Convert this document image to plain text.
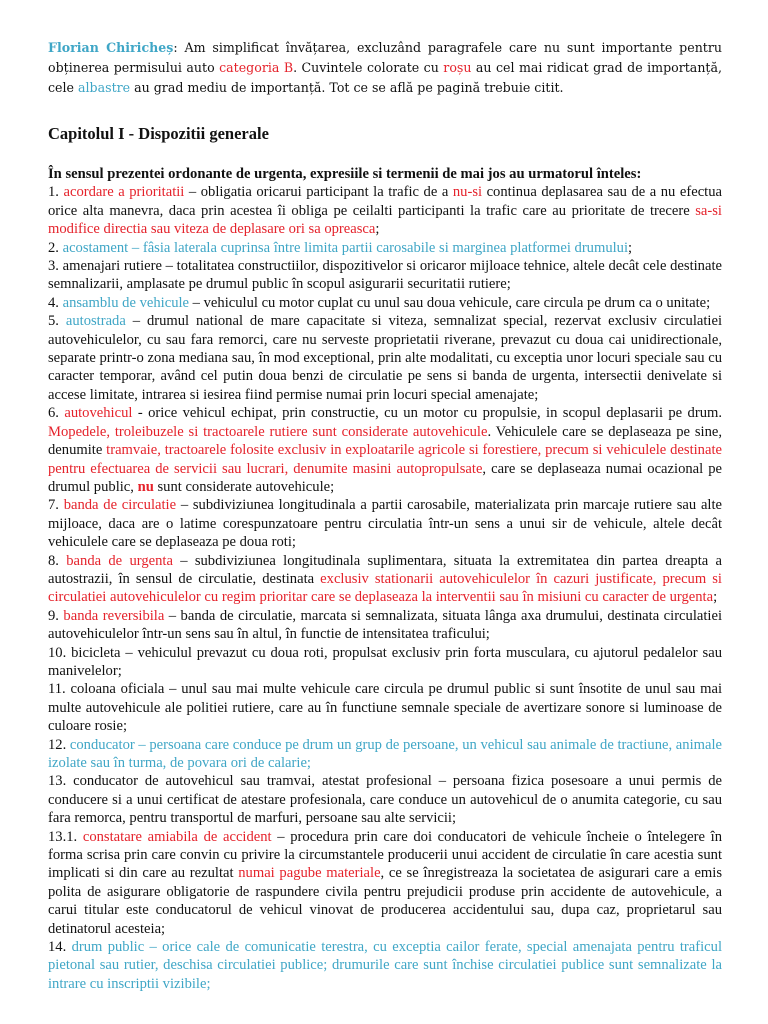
Florian Chiricheș: Am simplificat învățarea, excluzând paragrafele care nu sunt importante pentru obținerea permisului auto categoria B. Cuvintele colorate cu roșu au cel mai ridicat grad de importanță, cele albastre au grad mediu de importanță. Tot ce se află pe pagină trebuie citit.

Capitolul I - Dispozitii generale

În sensul prezentei ordonante de urgenta, expresiile si termenii de mai jos au urmatorul înteles:

1. acordare a prioritatii – obligatia oricarui participant la trafic de a nu-si continua deplasarea sau de a nu efectua orice alta manevra, daca prin acestea îi obliga pe ceilalti participanti la trafic care au prioritate de trecere sa-si modifice directia sau viteza de deplasare ori sa opreasca;

2. acostament – fâsia laterala cuprinsa între limita partii carosabile si marginea platformei drumului;

3. amenajari rutiere – totalitatea constructiilor, dispozitivelor si oricaror mijloace tehnice, altele decât cele destinate semnalizarii, amplasate pe drumul public în scopul asigurarii securitatii rutiere;

4. ansamblu de vehicule – vehiculul cu motor cuplat cu unul sau doua vehicule, care circula pe drum ca o unitate;

5. autostrada – drumul national de mare capacitate si viteza, semnalizat special, rezervat exclusiv circulatiei autovehiculelor, cu sau fara remorci, care nu serveste proprietatii riverane, prevazut cu doua cai unidirectionale, separate printr-o zona mediana sau, în mod exceptional, prin alte modalitati, cu exceptia unor locuri speciale sau cu caracter temporar, având cel putin doua benzi de circulatie pe sens si banda de urgenta, intersectii denivelate si accese limitate, intrarea si iesirea fiind permise numai prin locuri special amenajate;

6. autovehicul - orice vehicul echipat, prin constructie, cu un motor cu propulsie, in scopul deplasarii pe drum. Mopedele, troleibuzele si tractoarele rutiere sunt considerate autovehicule. Vehiculele care se deplaseaza pe sine, denumite tramvaie, tractoarele folosite exclusiv in exploatarile agricole si forestiere, precum si vehiculele destinate pentru efectuarea de servicii sau lucrari, denumite masini autopropulsate, care se deplaseaza numai ocazional pe drumul public, nu sunt considerate autovehicule;

7. banda de circulatie – subdiviziunea longitudinala a partii carosabile, materializata prin marcaje rutiere sau alte mijloace, daca are o latime corespunzatoare pentru circulatia într-un sens a unui sir de vehicule, altele decât vehiculele care se deplaseaza pe doua roti;

8. banda de urgenta – subdiviziunea longitudinala suplimentara, situata la extremitatea din partea dreapta a autostrazii, în sensul de circulatie, destinata exclusiv stationarii autovehiculelor în cazuri justificate, precum si circulatiei autovehiculelor cu regim prioritar care se deplaseaza la interventii sau în misiuni cu caracter de urgenta;

9. banda reversibila – banda de circulatie, marcata si semnalizata, situata lânga axa drumului, destinata circulatiei autovehiculelor într-un sens sau în altul, în functie de intensitatea traficului;

10. bicicleta – vehiculul prevazut cu doua roti, propulsat exclusiv prin forta musculara, cu ajutorul pedalelor sau manivelelor;

11. coloana oficiala – unul sau mai multe vehicule care circula pe drumul public si sunt însotite de unul sau mai multe autovehicule ale politiei rutiere, care au în functiune semnale speciale de avertizare sonore si luminoase de culoare rosie;

12. conducator – persoana care conduce pe drum un grup de persoane, un vehicul sau animale de tractiune, animale izolate sau în turma, de povara ori de calarie;

13. conducator de autovehicul sau tramvai, atestat profesional – persoana fizica posesoare a unui permis de conducere si a unui certificat de atestare profesionala, care conduce un autovehicul de o anumita categorie, cu sau fara remorca, pentru transportul de marfuri, persoane sau alte servicii;

13.1. constatare amiabila de accident – procedura prin care doi conducatori de vehicule încheie o întelegere în forma scrisa prin care convin cu privire la circumstantele producerii unui accident de circulatie în care acestia sunt implicati si din care au rezultat numai pagube materiale, ce se înregistreaza la societatea de asigurari care a emis polita de asigurare obligatorie de raspundere civila pentru prejudicii produse prin accidente de autovehicule, a carui titular este conducatorul de vehicul vinovat de producerea accidentului sau, dupa caz, proprietarul sau detinatorul acesteia;

14. drum public – orice cale de comunicatie terestra, cu exceptia cailor ferate, special amenajata pentru traficul pietonal sau rutier, deschisa circulatiei publice; drumurile care sunt închise circulatiei publice sunt semnalizate la intrare cu inscriptii vizibile;
